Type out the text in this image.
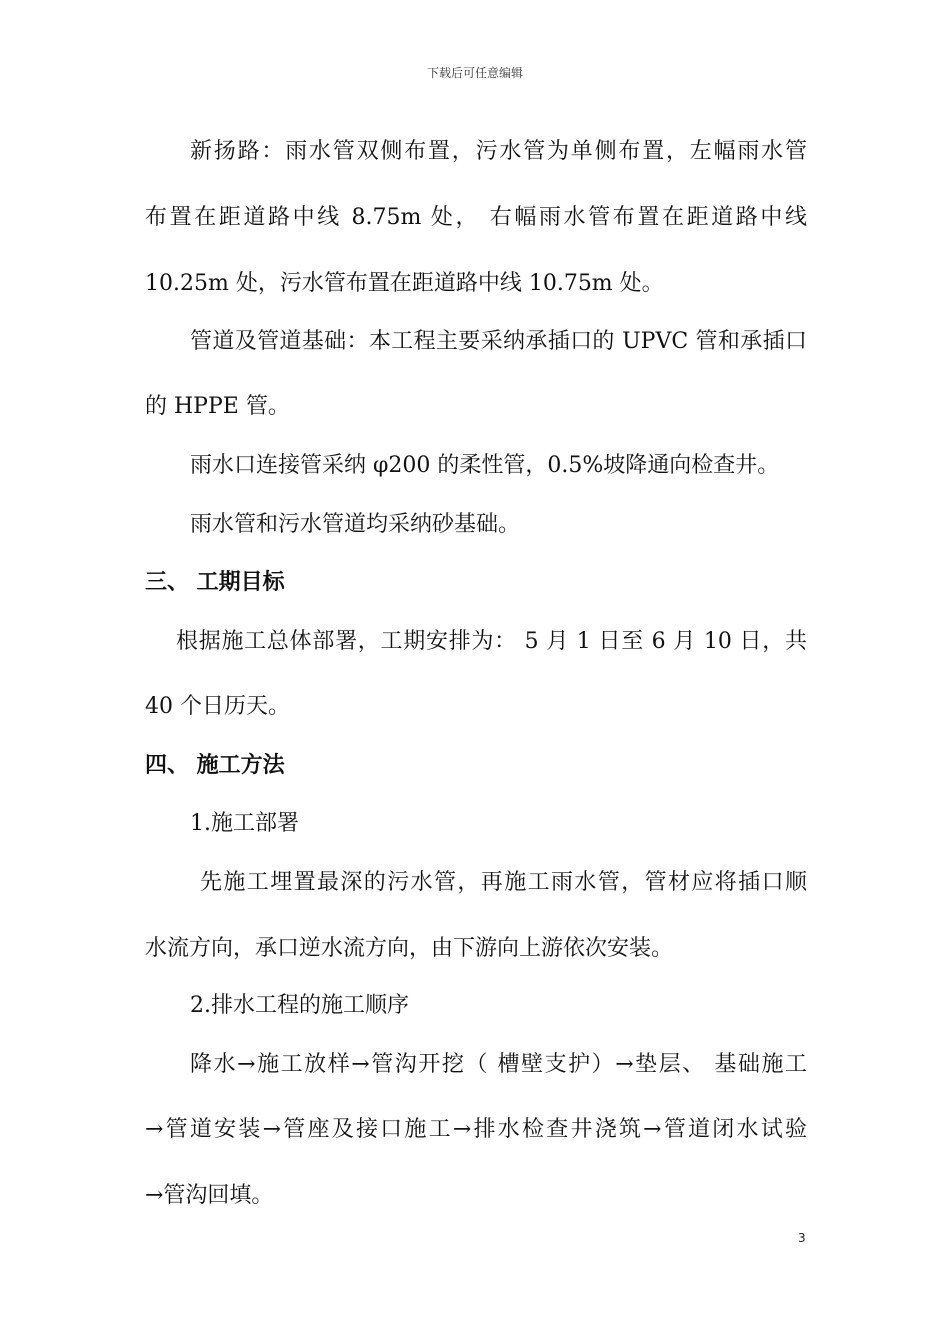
下载后可任意编辑
新扬路：雨水管双侧布置，污水管为单侧布置，左幅雨水管
布置在距道路中线 8.75m 处， 右幅雨水管布置在距道路中线
10.25m 处，污水管布置在距道路中线 10.75m 处。
管道及管道基础：本工程主要采纳承插口的 UPVC 管和承插口
的 HPPE 管。
雨水口连接管采纳 φ200 的柔性管，0.5%坡降通向检查井。
雨水管和污水管道均采纳砂基础。
三、 工期目标
根据施工总体部署，工期安排为： 5 月 1 日至 6 月 10 日，共
40 个日历天。
四、 施工方法
1.施工部署
先施工埋置最深的污水管，再施工雨水管，管材应将插口顺
水流方向，承口逆水流方向，由下游向上游依次安装。
2.排水工程的施工顺序
降水→施工放样→管沟开挖（ 槽壁支护）→垫层、 基础施工
→管道安装→管座及接口施工→排水检查井浇筑→管道闭水试验
→管沟回填。
3
